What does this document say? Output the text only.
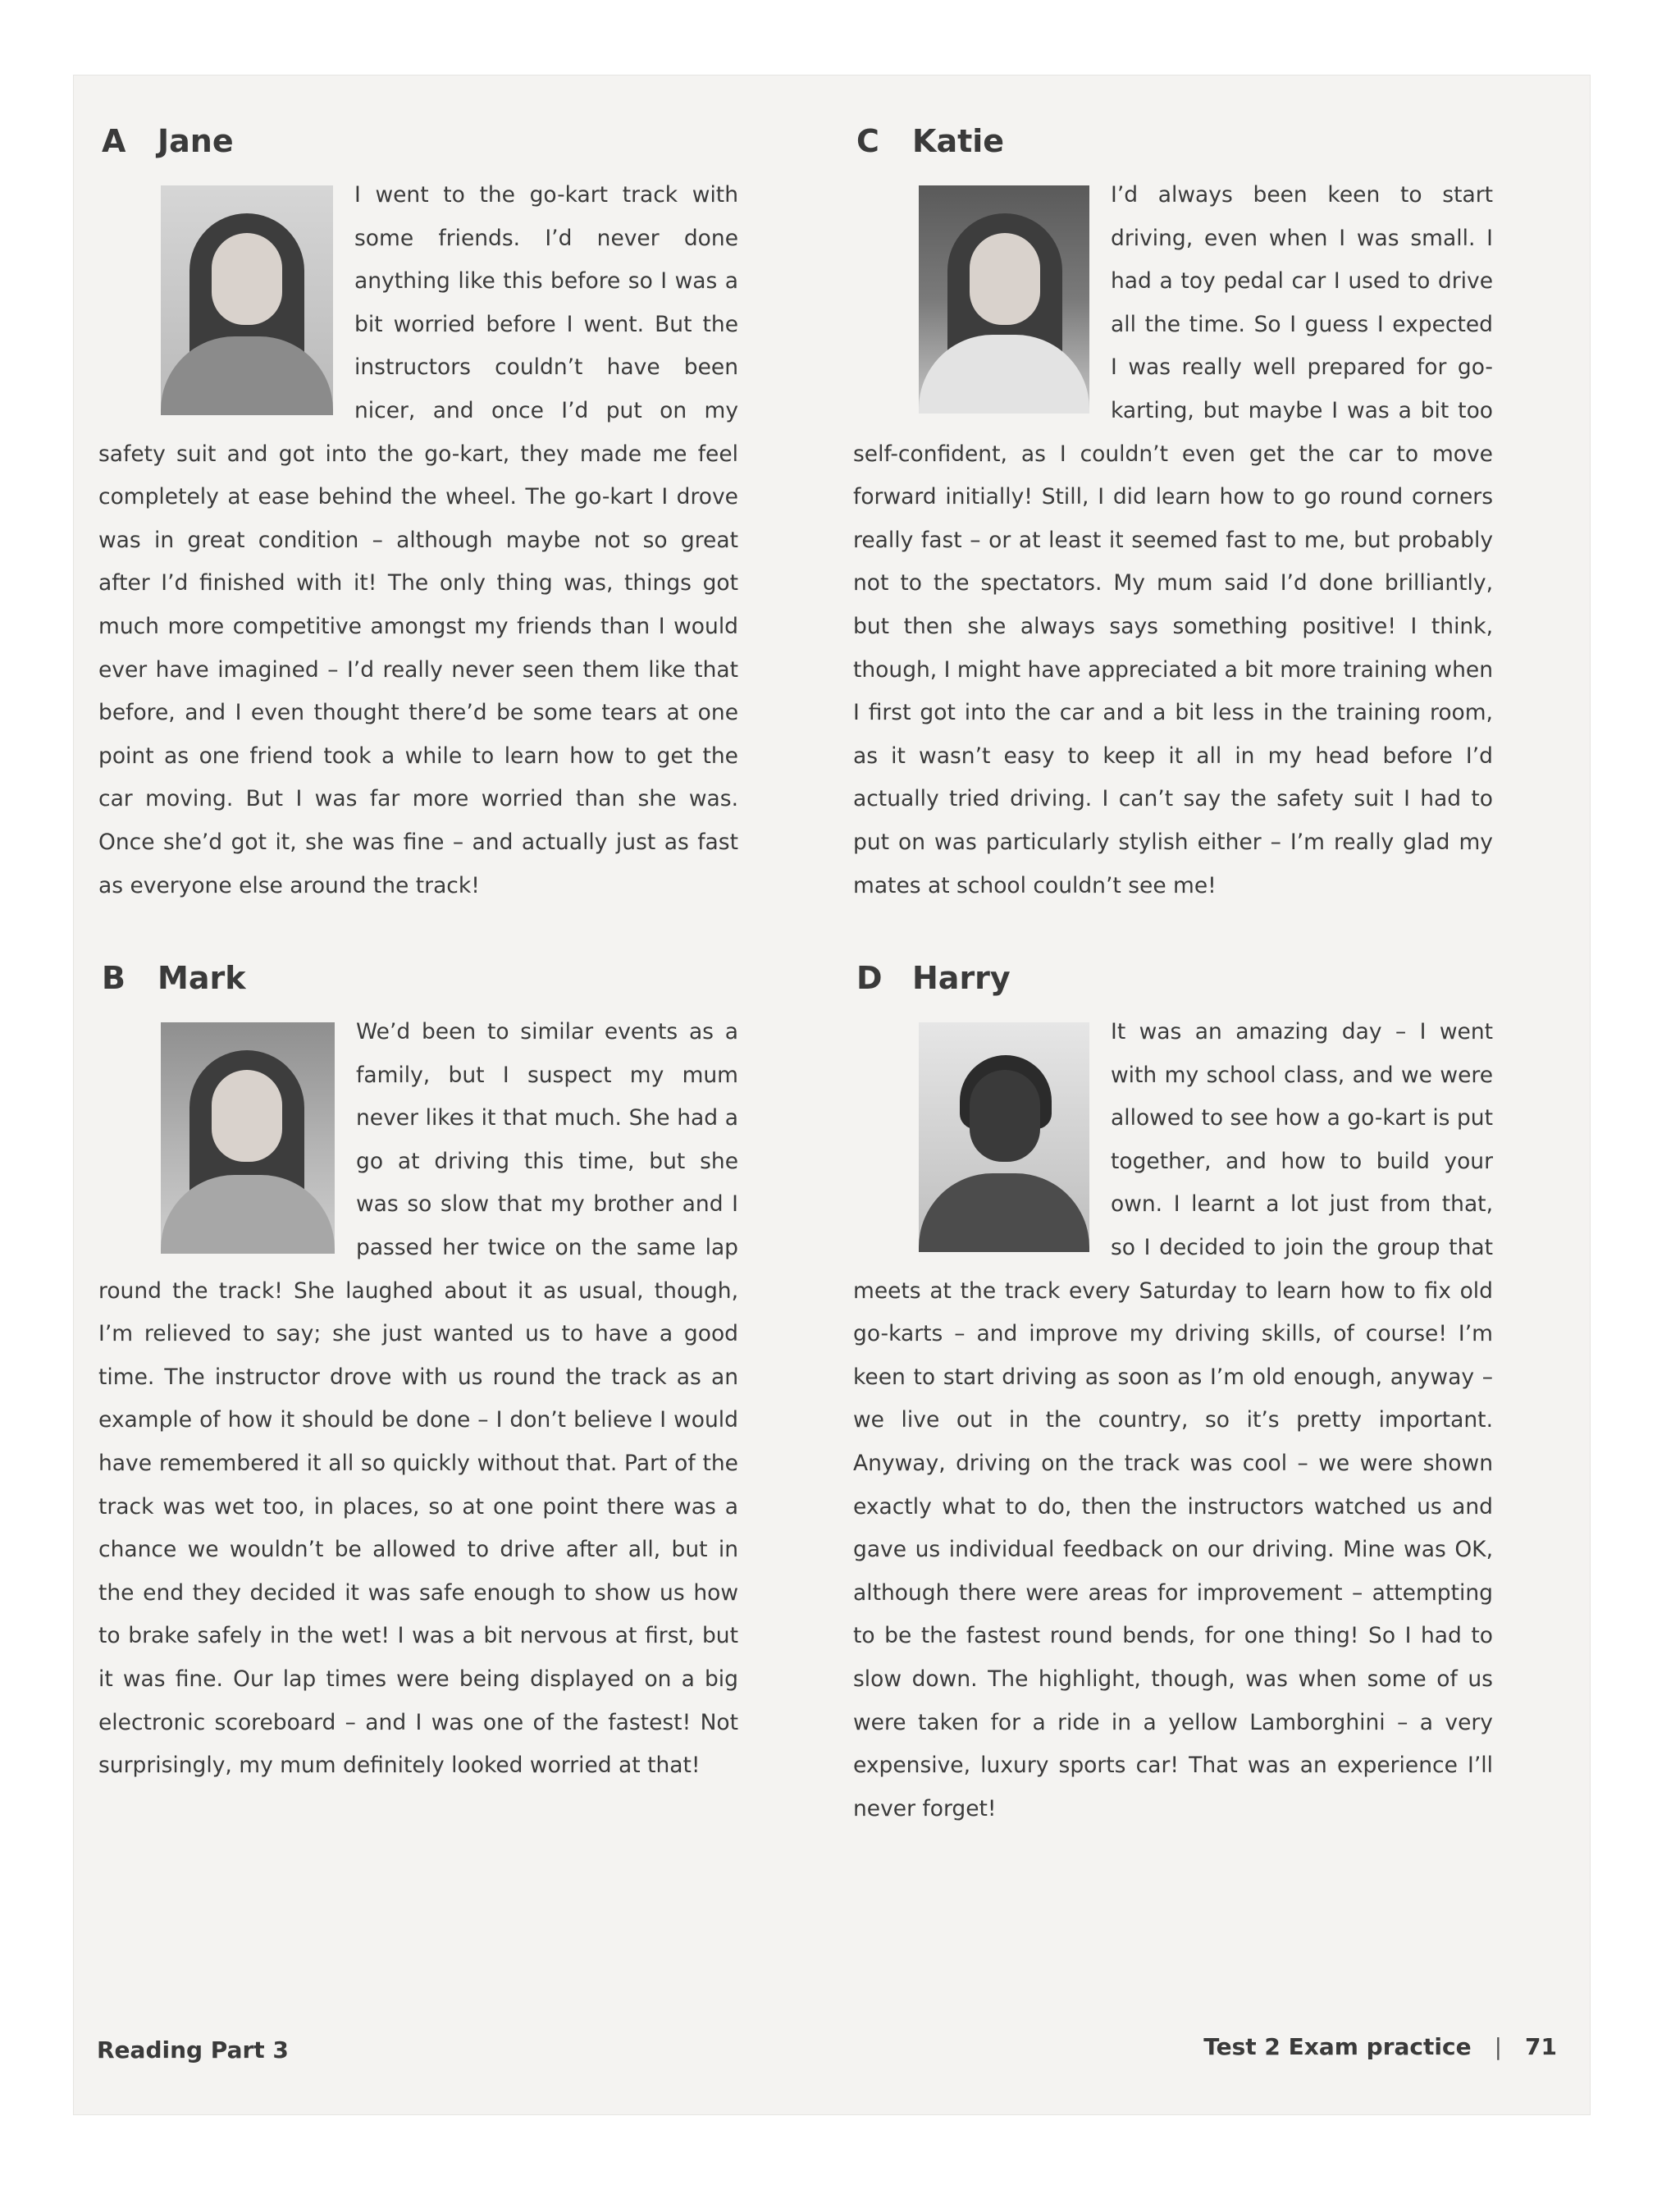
A	Jane
I went to the go-kart track with some friends. I’d never done anything like this before so I was a bit worried before I went. But the instructors couldn’t have been nicer, and once I’d put on my safety suit and got into the go-kart, they made me feel completely at ease behind the wheel. The go-kart I drove was in great condition – although maybe not so great after I’d finished with it! The only thing was, things got much more competitive amongst my friends than I would ever have imagined – I’d really never seen them like that before, and I even thought there’d be some tears at one point as one friend took a while to learn how to get the car moving. But I was far more worried than she was. Once she’d got it, she was fine – and actually just as fast as everyone else around the track!
B	Mark
We’d been to similar events as a family, but I suspect my mum never likes it that much. She had a go at driving this time, but she was so slow that my brother and I passed her twice on the same lap round the track! She laughed about it as usual, though, I’m relieved to say; she just wanted us to have a good time. The instructor drove with us round the track as an example of how it should be done – I don’t believe I would have remembered it all so quickly without that. Part of the track was wet too, in places, so at one point there was a chance we wouldn’t be allowed to drive after all, but in the end they decided it was safe enough to show us how to brake safely in the wet! I was a bit nervous at first, but it was fine. Our lap times were being displayed on a big electronic scoreboard – and I was one of the fastest! Not surprisingly, my mum definitely looked worried at that!
C	Katie
I’d always been keen to start driving, even when I was small. I had a toy pedal car I used to drive all the time. So I guess I expected I was really well prepared for go-karting, but maybe I was a bit too self-confident, as I couldn’t even get the car to move forward initially! Still, I did learn how to go round corners really fast – or at least it seemed fast to me, but probably not to the spectators. My mum said I’d done brilliantly, but then she always says something positive! I think, though, I might have appreciated a bit more training when I first got into the car and a bit less in the training room, as it wasn’t easy to keep it all in my head before I’d actually tried driving. I can’t say the safety suit I had to put on was particularly stylish either – I’m really glad my mates at school couldn’t see me!
D Harry
It was an amazing day – I went with my school class, and we were allowed to see how a go-kart is put together, and how to build your own. I learnt a lot just from that, so I decided to join the group that meets at the track every Saturday to learn how to fix old go-karts – and improve my driving skills, of course! I’m keen to start driving as soon as I’m old enough, anyway – we live out in the country, so it’s pretty important. Anyway, driving on the track was cool – we were shown exactly what to do, then the instructors watched us and gave us individual feedback on our driving. Mine was OK, although there were areas for improvement – attempting to be the fastest round bends, for one thing! So I had to slow down. The highlight, though, was when some of us were taken for a ride in a yellow Lamborghini – a very expensive, luxury sports car! That was an experience I’ll never forget!
Reading Part 3	Test 2 Exam practice | 71
